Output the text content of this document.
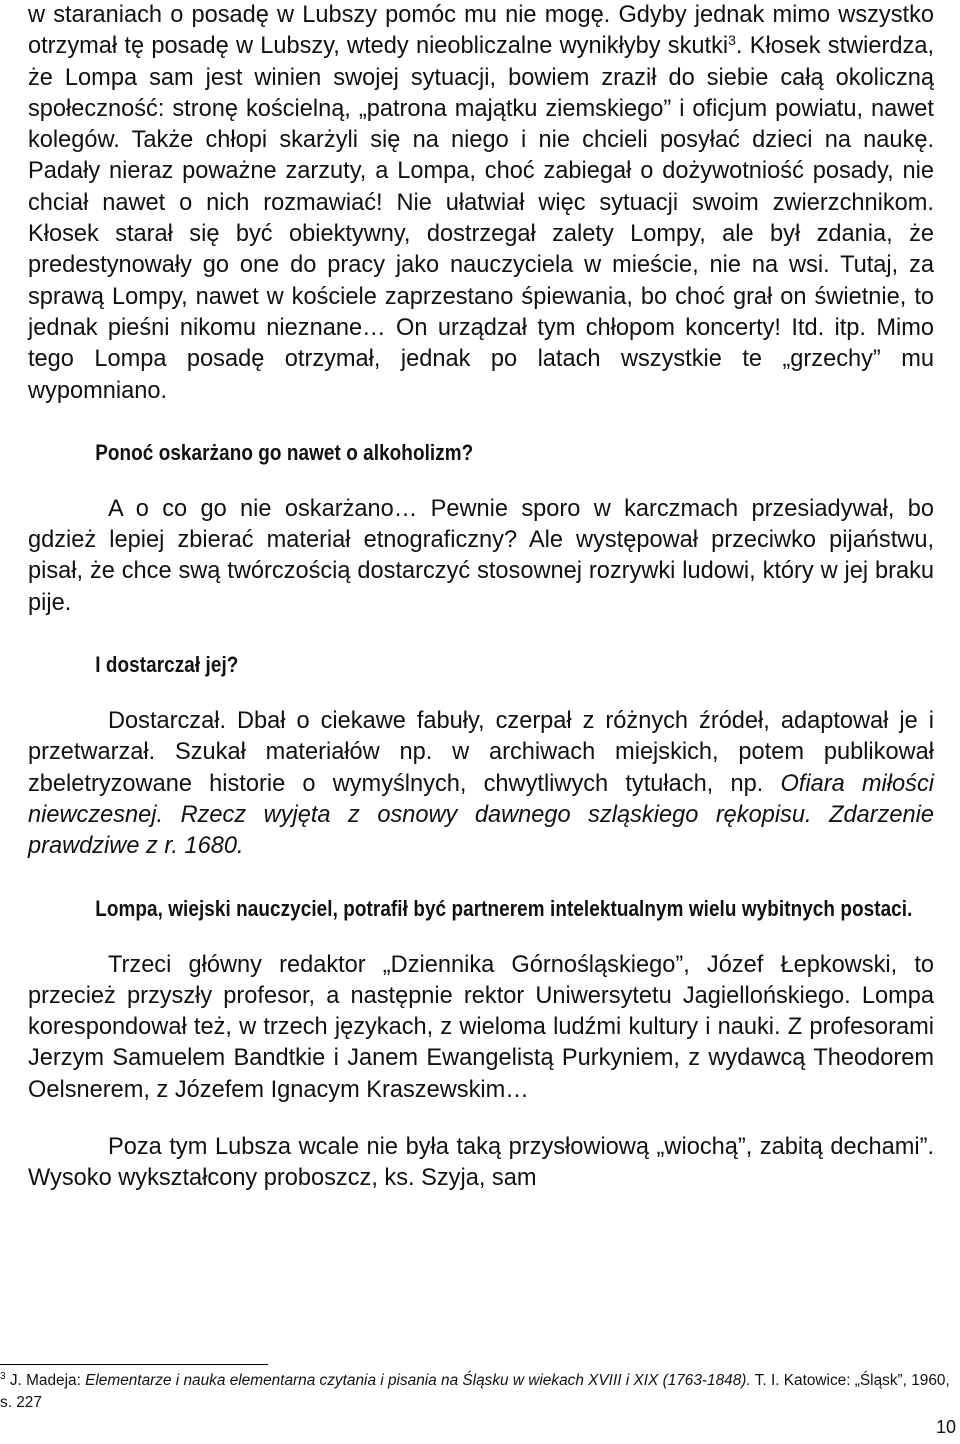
w staraniach o posadę w Lubszy pomóc mu nie mogę. Gdyby jednak mimo wszystko otrzymał tę posadę w Lubszy, wtedy nieobliczalne wynikłyby skutki$^3$. Kłosek stwierdza, że Lompa sam jest winien swojej sytuacji, bowiem zraził do siebie całą okoliczną społeczność: stronę kościelną, „patrona majątku ziemskiego” i oficjum powiatu, nawet kolegów. Także chłopi skarżyli się na niego i nie chcieli posyłać dzieci na naukę. Padały nieraz poważne zarzuty, a Lompa, choć zabiegał o dożywotniość posady, nie chciał nawet o nich rozmawiać! Nie ułatwiał więc sytuacji swoim zwierzchnikom. Kłosek starał się być obiektywny, dostrzegał zalety Lompy, ale był zdania, że predestynowały go one do pracy jako nauczyciela w mieście, nie na wsi. Tutaj, za sprawą Lompy, nawet w kościele zaprzestano śpiewania, bo choć grał on świetnie, to jednak pieśni nikomu nieznane… On urządzał tym chłopom koncerty! Itd. itp. Mimo tego Lompa posadę otrzymał, jednak po latach wszystkie te „grzechy” mu wypomniano.

Ponoć oskarżano go nawet o alkoholizm?

A o co go nie oskarżano… Pewnie sporo w karczmach przesiadywał, bo gdzież lepiej zbierać materiał etnograficzny? Ale występował przeciwko pijaństwu, pisał, że chce swą twórczością dostarczyć stosownej rozrywki ludowi, który w jej braku pije.

I dostarczał jej?

Dostarczał. Dbał o ciekawe fabuły, czerpał z różnych źródeł, adaptował je i przetwarzał. Szukał materiałów np. w archiwach miejskich, potem publikował zbeletryzowane historie o wymyślnych, chwytliwych tytułach, np. Ofiara miłości niewczesnej. Rzecz wyjęta z osnowy dawnego szląskiego rękopisu. Zdarzenie prawdziwe z r. 1680.

Lompa, wiejski nauczyciel, potrafił być partnerem intelektualnym wielu wybitnych postaci.

Trzeci główny redaktor „Dziennika Górnośląskiego”, Józef Łepkowski, to przecież przyszły profesor, a następnie rektor Uniwersytetu Jagiellońskiego. Lompa korespondował też, w trzech językach, z wieloma ludźmi kultury i nauki. Z profesorami Jerzym Samuelem Bandtkie i Janem Ewangelistą Purkyniem, z wydawcą Theodorem Oelsnerem, z Józefem Ignacym Kraszewskim…

Poza tym Lubsza wcale nie była taką przysłowiową „wiochą”, zabitą dechami”. Wysoko wykształcony proboszcz, ks. Szyja, sam

$^3$ J. Madeja: Elementarze i nauka elementarna czytania i pisania na Śląsku w wiekach XVIII i XIX (1763-1848). T. I. Katowice: „Śląsk”, 1960, s. 227
10
